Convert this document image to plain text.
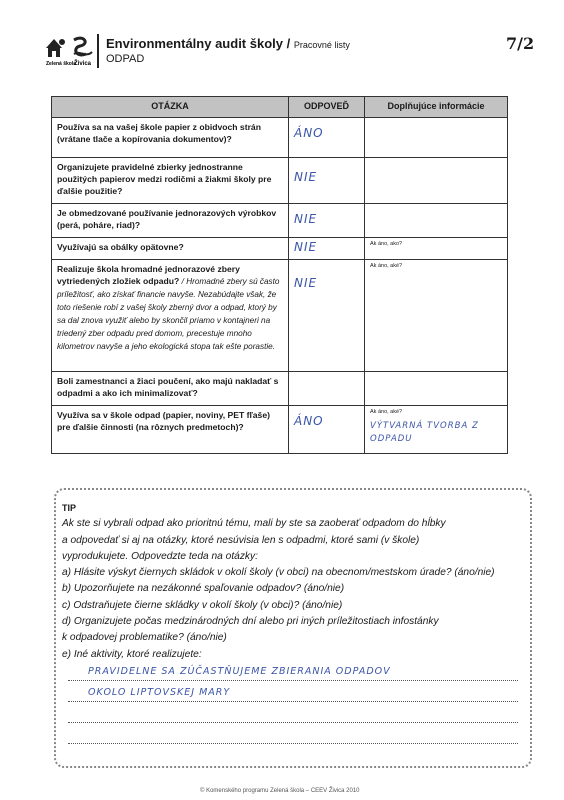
Zelená škola
Živica
Environmentálny audit školy / Pracovné listy
ODPAD
7/2
OTÁZKA	ODPOVEĎ	Doplňujúce informácie
Používa sa na vašej škole papier z obidvoch strán (vrátane tlače a kopírovania dokumentov)?	ÁNO	

Organizujete pravidelné zbierky jednostranne použitých papierov medzi rodičmi a žiakmi školy pre ďalšie použitie?	NIE	

Je obmedzované používanie jednorazových výrobkov (perá, poháre, riad)?	NIE	

Využívajú sa obálky opätovne?	NIE	Ak áno, ako?

Realizuje škola hromadné jednorazové zbery vytriedených zložiek odpadu? / Hromadné zbery sú často príležitosť, ako získať financie navyše. Nezabúdajte však, že toto riešenie robí z vašej školy zberný dvor a odpad, ktorý by sa dal znova využiť alebo by skončil priamo v kontajneri na triedený zber odpadu pred domom, precestuje mnoho kilometrov navyše a jeho ekologická stopa tak ešte porastie.	NIE	Ak áno, aké?

Boli zamestnanci a žiaci poučení, ako majú nakladať s odpadmi a ako ich minimalizovať?		
Využíva sa v škole odpad (papier, noviny, PET fľaše) pre ďalšie činnosti (na rôznych predmetoch)?	ÁNO	Ak áno, aké?
VÝTVARNÁ TVORBA Z ODPADU
TIP
Ak ste si vybrali odpad ako prioritnú tému, mali by ste sa zaoberať odpadom do hĺbky
a odpovedať si aj na otázky, ktoré nesúvisia len s odpadmi, ktoré sami (v škole)
vyprodukujete. Odpovedzte teda na otázky:
a) Hlásite výskyt čiernych skládok v okolí školy (v obci) na obecnom/mestskom úrade? (áno/nie)
b) Upozorňujete na nezákonné spaľovanie odpadov? (áno/nie)
c) Odstraňujete čierne skládky v okolí školy (v obci)? (áno/nie)
d) Organizujete počas medzinárodných dní alebo pri iných príležitostiach infostánky
k odpadovej problematike? (áno/nie)
e) Iné aktivity, ktoré realizujete:
PRAVIDELNE SA ZÚČASTŇUJEME ZBIERANIA ODPADOV
OKOLO LIPTOVSKEJ MARY
© Komenského programu Zelená škola – CEEV Živica 2010
